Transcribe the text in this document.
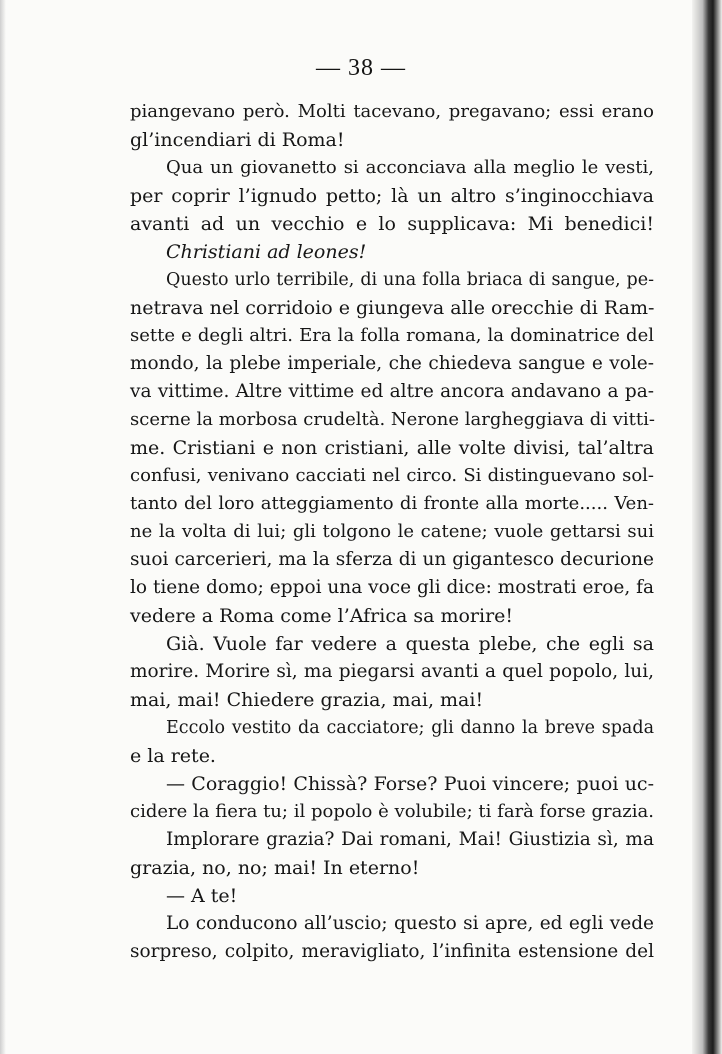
— 38 —
piangevano però. Molti tacevano, pregavano; essi erano
gl’incendiari di Roma!
Qua un giovanetto si acconciava alla meglio le vesti,
per coprir l’ignudo petto; là un altro s’inginocchiava
avanti ad un vecchio e lo supplicava: Mi benedici!
Christiani ad leones!
Questo urlo terribile, di una folla briaca di sangue, pe-
netrava nel corridoio e giungeva alle orecchie di Ram-
sette e degli altri. Era la folla romana, la dominatrice del
mondo, la plebe imperiale, che chiedeva sangue e vole-
va vittime. Altre vittime ed altre ancora andavano a pa-
scerne la morbosa crudeltà. Nerone largheggiava di vitti-
me. Cristiani e non cristiani, alle volte divisi, tal’altra
confusi, venivano cacciati nel circo. Si distinguevano sol-
tanto del loro atteggiamento di fronte alla morte..... Ven-
ne la volta di lui; gli tolgono le catene; vuole gettarsi sui
suoi carcerieri, ma la sferza di un gigantesco decurione
lo tiene domo; eppoi una voce gli dice: mostrati eroe, fa
vedere a Roma come l’Africa sa morire!
Già. Vuole far vedere a questa plebe, che egli sa
morire. Morire sì, ma piegarsi avanti a quel popolo, lui,
mai, mai! Chiedere grazia, mai, mai!
Eccolo vestito da cacciatore; gli danno la breve spada
e la rete.
— Coraggio! Chissà? Forse? Puoi vincere; puoi uc-
cidere la fiera tu; il popolo è volubile; ti farà forse grazia.
Implorare grazia? Dai romani, Mai! Giustizia sì, ma
grazia, no, no; mai! In eterno!
— A te!
Lo conducono all’uscio; questo si apre, ed egli vede
sorpreso, colpito, meravigliato, l’infinita estensione del
